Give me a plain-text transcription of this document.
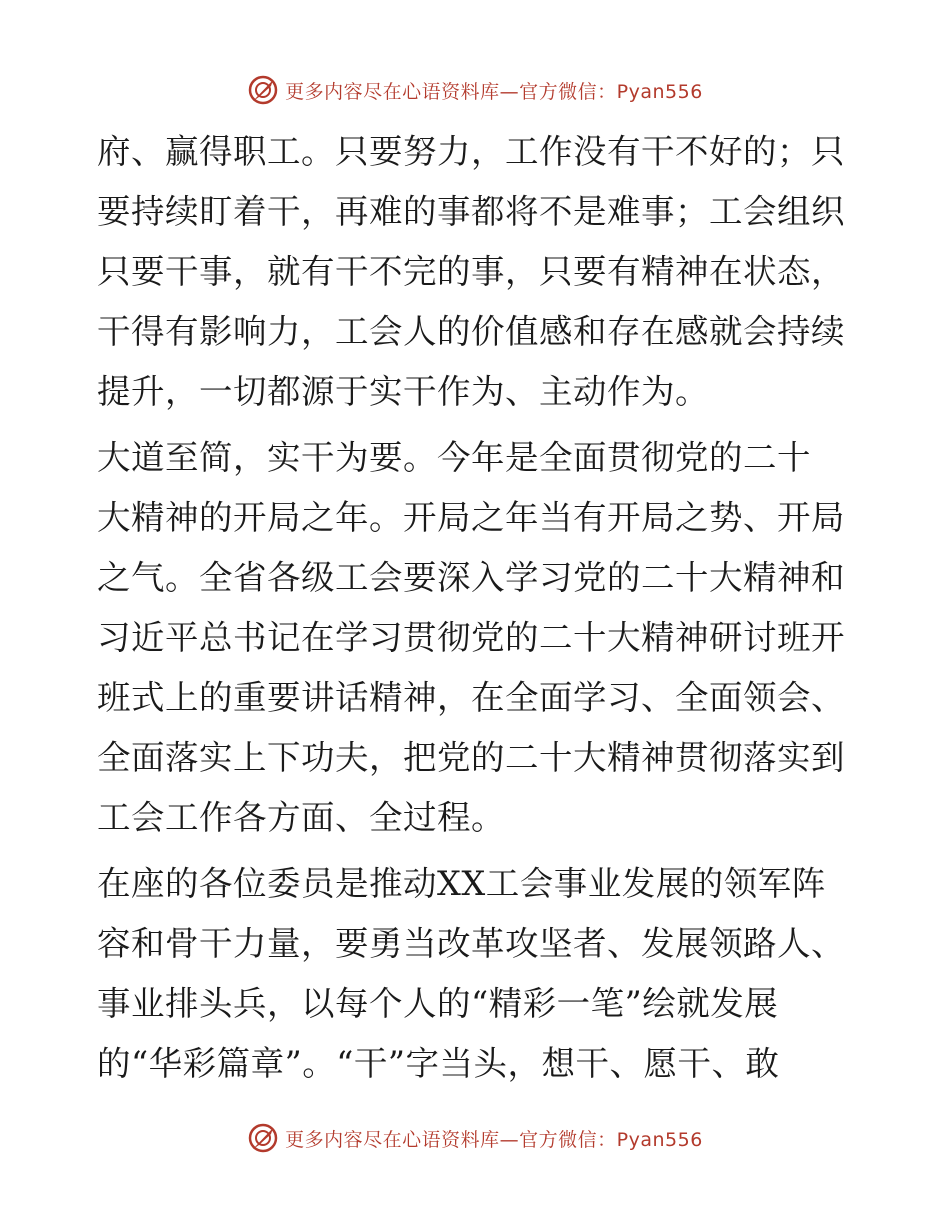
更多内容尽在心语资料库—官方微信：Pyan556
府、赢得职工。只要努力，工作没有干不好的；只
要持续盯着干，再难的事都将不是难事；工会组织
只要干事，就有干不完的事，只要有精神在状态，
干得有影响力，工会人的价值感和存在感就会持续
提升，一切都源于实干作为、主动作为。
大道至简，实干为要。今年是全面贯彻党的二十
大精神的开局之年。开局之年当有开局之势、开局
之气。全省各级工会要深入学习党的二十大精神和
习近平总书记在学习贯彻党的二十大精神研讨班开
班式上的重要讲话精神，在全面学习、全面领会、
全面落实上下功夫，把党的二十大精神贯彻落实到
工会工作各方面、全过程。
在座的各位委员是推动XX工会事业发展的领军阵
容和骨干力量，要勇当改革攻坚者、发展领路人、
事业排头兵，以每个人的“精彩一笔”绘就发展
的“华彩篇章”。“干”字当头，想干、愿干、敢
更多内容尽在心语资料库—官方微信：Pyan556
